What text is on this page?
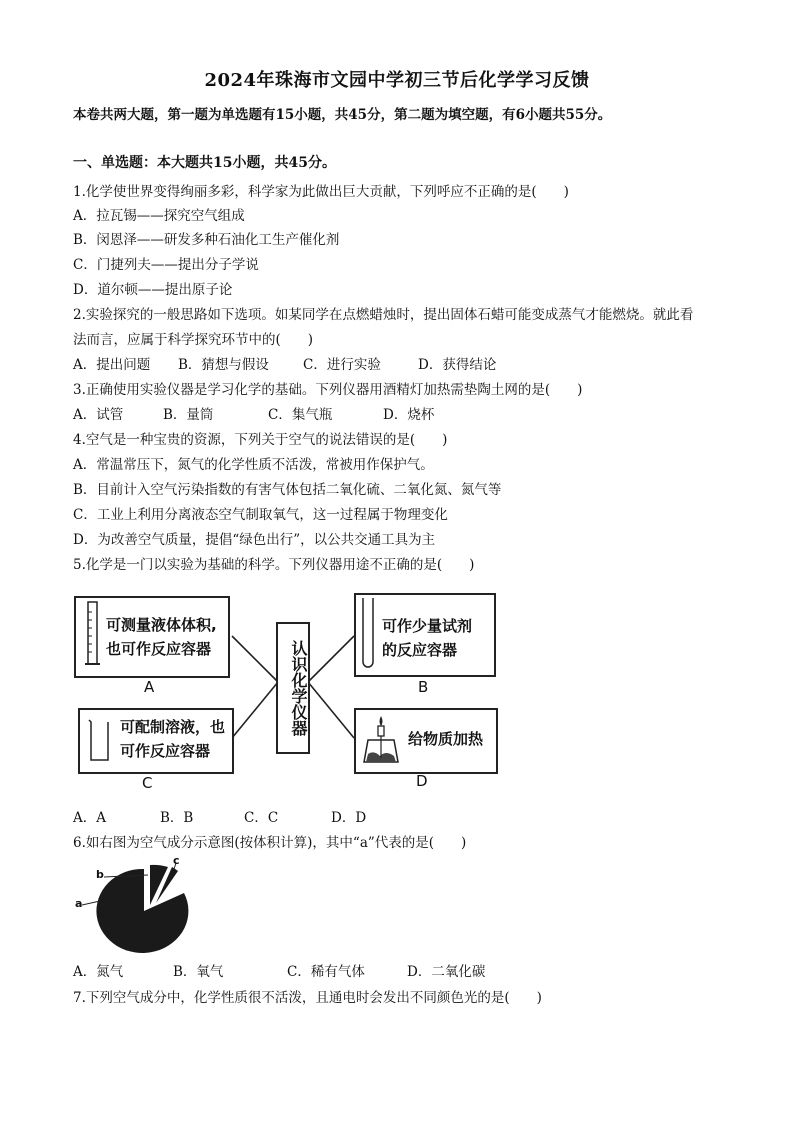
2024年珠海市文园中学初三节后化学学习反馈
本卷共两大题，第一题为单选题有15小题，共45分，第二题为填空题，有6小题共55分。
一、单选题：本大题共15小题，共45分。
1.化学使世界变得绚丽多彩，科学家为此做出巨大贡献，下列呼应不正确的是(　　)
A．拉瓦锡——探究空气组成
B．闵恩泽——研发多种石油化工生产催化剂
C．门捷列夫——提出分子学说
D．道尔顿——提出原子论
2.实验探究的一般思路如下选项。如某同学在点燃蜡烛时，提出固体石蜡可能变成蒸气才能燃烧。就此看
法而言，应属于科学探究环节中的(　　)
A．提出问题 B．猜想与假设	C．进行实验	D．获得结论
3.正确使用实验仪器是学习化学的基础。下列仪器用酒精灯加热需垫陶土网的是(　　)
A．试管	B．量筒	C．集气瓶	D．烧杯
4.空气是一种宝贵的资源，下列关于空气的说法错误的是(　　)
A．常温常压下，氮气的化学性质不活泼，常被用作保护气。
B．目前计入空气污染指数的有害气体包括二氧化硫、二氧化氮、氮气等
C．工业上利用分离液态空气制取氧气，这一过程属于物理变化
D．为改善空气质量，提倡“绿色出行”，以公共交通工具为主
5.化学是一门以实验为基础的科学。下列仪器用途不正确的是(　　)
可测量液体体积,
也可作反应容器
A
可作少量试剂
的反应容器
B
可配制溶液，也
可作反应容器
C
给物质加热
D
认识化学仪器
A．A	B．B	C．C	D．D
6.如右图为空气成分示意图(按体积计算)，其中“a”代表的是(　　)
a
b
c
A．氮气	B．氧气	C．稀有气体	D．二氧化碳
7.下列空气成分中，化学性质很不活泼，且通电时会发出不同颜色光的是(　　)
